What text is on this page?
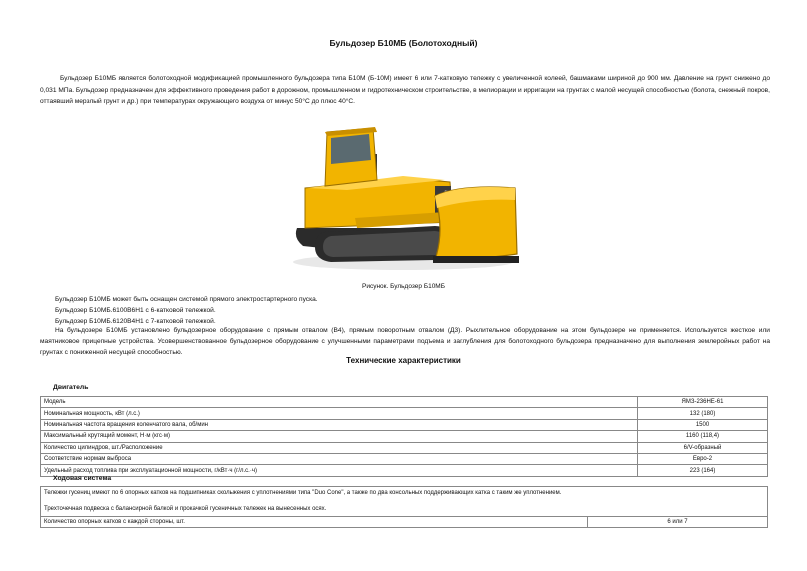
Бульдозер Б10МБ (Болотоходный)
Бульдозер Б10МБ является болотоходной модификацией промышленного бульдозера типа Б10М (Б-10М) имеет 6 или 7-катковую тележку с увеличенной колеей, башмаками шириной до 900 мм. Давление на грунт снижено до 0,031 МПа. Бульдозер предназначен для эффективного проведения работ в дорожном, промышленном и гидротехническом строительстве, в мелиорации и ирригации на грунтах с малой несущей способностью (болота, снежный покров, оттаявший мерзлый грунт и др.) при температурах окружающего воздуха от минус 50°С до плюс 40°С.
Рисунок. Бульдозер Б10МБ
Бульдозер Б10МБ может быть оснащен системой прямого электростартерного пуска.
Бульдозер Б10МБ.6100В6Н1 с 6-катковой тележкой.
Бульдозер Б10МБ.6120В4Н1 с 7-катковой тележкой.
На бульдозере Б10МБ установлено бульдозерное оборудование с прямым отвалом (В4), прямым поворотным отвалом (Д3). Рыхлительное оборудование на этом бульдозере не применяется. Используется жесткое или маятниковое прицепные устройства. Усовершенствованное бульдозерное оборудование с улучшенными параметрами подъема и заглубления для болотоходного бульдозера предназначено для выполнения землеройных работ на грунтах с пониженной несущей способностью.
Технические характеристики
Двигатель
Модель	ЯМЗ-236НЕ-61
Номинальная мощность, кВт (л.с.)	132 (180)
Номинальная частота вращения коленчатого вала, об/мин	1500
Максимальный крутящий момент, Н·м (кгс·м)	1160 (118,4)
Количество цилиндров, шт./Расположение	6/V-образный
Соответствие нормам выброса	Евро-2
Удельный расход топлива при эксплуатационной мощности, г/кВт·ч (г/л.с.·ч)	223 (164)
Ходовая система
Тележки гусениц имеют по 6 опорных катков на подшипниках скольжения с уплотнениями типа "Duo Cone", а также по два консольных поддерживающих катка с таким же уплотнением.
Трехточечная подвеска с балансирной балкой и прокачкой гусеничных тележек на вынесенных осях.
Количество опорных катков с каждой стороны, шт.	6 или 7
